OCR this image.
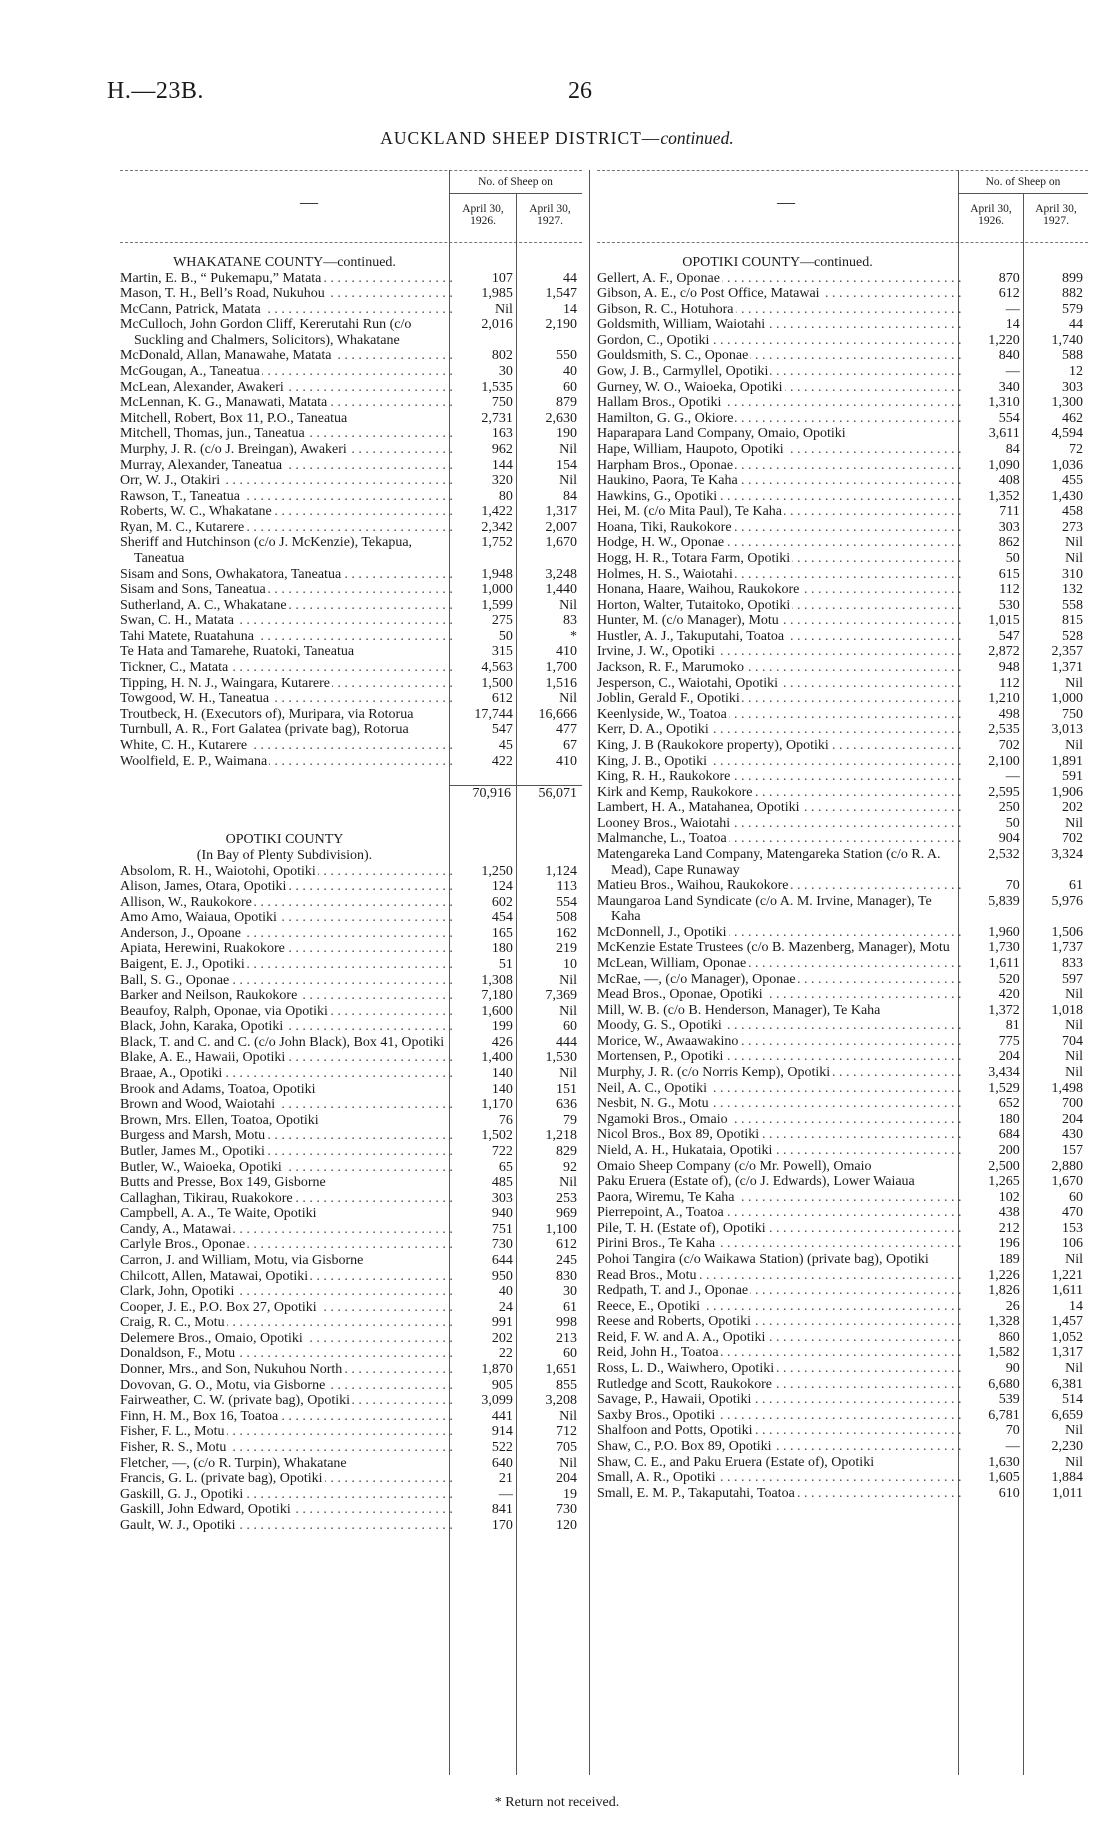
H.—23B.	26
AUCKLAND SHEEP DISTRICT—continued.
—	—
No. of Sheep on	No. of Sheep on
April 30, 1926.
April 30, 1927.
April 30, 1926.
April 30, 1927.
WHAKATANE COUNTY—continued.
Martin, E. B., “ Pukemapu,” Matata . . .	107	44
Mason, T. H., Bell’s Road, Nukuhou . . .	1,985	1,547
McCann, Patrick, Matata . . .	Nil	14
McCulloch, John Gordon Cliff, Kererutahi Run (c/o Suckling and Chalmers, Solicitors), Whakatane
2,016	2,190
McDonald, Allan, Manawahe, Matata . . .	802	550
McGougan, A., Taneatua . . .	30	40
McLean, Alexander, Awakeri . . .	1,535	60
McLennan, K. G., Manawati, Matata . . .	750	879
Mitchell, Robert, Box 11, P.O., Taneatua	2,731	2,630
Mitchell, Thomas, jun., Taneatua . . .	163	190
Murphy, J. R. (c/o J. Breingan), Awakeri . . .	962	Nil
Murray, Alexander, Taneatua . . .	144	154
Orr, W. J., Otakiri . . .	320	Nil
Rawson, T., Taneatua . . .	80	84
Roberts, W. C., Whakatane . . .	1,422	1,317
Ryan, M. C., Kutarere . . .	2,342	2,007
Sheriff and Hutchinson (c/o J. McKenzie), Tekapua, Taneatua
1,752	1,670
Sisam and Sons, Owhakatora, Taneatua . . .	1,948	3,248
Sisam and Sons, Taneatua . . .	1,000	1,440
Sutherland, A. C., Whakatane . . .	1,599	Nil
Swan, C. H., Matata . . .	275	83
Tahi Matete, Ruatahuna . . .	50	*
Te Hata and Tamarehe, Ruatoki, Taneatua	315	410
Tickner, C., Matata . . .	4,563	1,700
Tipping, H. N. J., Waingara, Kutarere . . .	1,500	1,516
Towgood, W. H., Taneatua . . .	612	Nil
Troutbeck, H. (Executors of), Muripara, via Rotorua	17,744	16,666
Turnbull, A. R., Fort Galatea (private bag), Rotorua	547	477
White, C. H., Kutarere . . .	45	67
Woolfield, E. P., Waimana . . .	422	410
70,916	56,071
OPOTIKI COUNTY
(In Bay of Plenty Subdivision).
Absolom, R. H., Waiotohi, Opotiki . . .	1,250	1,124
Alison, James, Otara, Opotiki . . .	124	113
Allison, W., Raukokore . . .	602	554
Amo Amo, Waiaua, Opotiki . . .	454	508
Anderson, J., Opoane . . .	165	162
Apiata, Herewini, Ruakokore . . .	180	219
Baigent, E. J., Opotiki . . .	51	10
Ball, S. G., Oponae . . .	1,308	Nil
Barker and Neilson, Raukokore . . .	7,180	7,369
Beaufoy, Ralph, Oponae, via Opotiki . . .	1,600	Nil
Black, John, Karaka, Opotiki . . .	199	60
Black, T. and C. and C. (c/o John Black), Box 41, Opotiki	426	444
Blake, A. E., Hawaii, Opotiki . . .	1,400	1,530
Braae, A., Opotiki . . .	140	Nil
Brook and Adams, Toatoa, Opotiki	140	151
Brown and Wood, Waiotahi . . .	1,170	636
Brown, Mrs. Ellen, Toatoa, Opotiki	76	79
Burgess and Marsh, Motu . . .	1,502	1,218
Butler, James M., Opotiki . . .	722	829
Butler, W., Waioeka, Opotiki . . .	65	92
Butts and Presse, Box 149, Gisborne	485	Nil
Callaghan, Tikirau, Ruakokore . . .	303	253
Campbell, A. A., Te Waite, Opotiki	940	969
Candy, A., Matawai . . .	751	1,100
Carlyle Bros., Oponae . . .	730	612
Carron, J. and William, Motu, via Gisborne	644	245
Chilcott, Allen, Matawai, Opotiki . . .	950	830
Clark, John, Opotiki . . .	40	30
Cooper, J. E., P.O. Box 27, Opotiki . . .	24	61
Craig, R. C., Motu . . .	991	998
Delemere Bros., Omaio, Opotiki . . .	202	213
Donaldson, F., Motu . . .	22	60
Donner, Mrs., and Son, Nukuhou North . . .	1,870	1,651
Dovovan, G. O., Motu, via Gisborne . . .	905	855
Fairweather, C. W. (private bag), Opotiki . . .	3,099	3,208
Finn, H. M., Box 16, Toatoa . . .	441	Nil
Fisher, F. L., Motu . . .	914	712
Fisher, R. S., Motu . . .	522	705
Fletcher, —, (c/o R. Turpin), Whakatane	640	Nil
Francis, G. L. (private bag), Opotiki . . .	21	204
Gaskill, G. J., Opotiki . . .	—	19
Gaskill, John Edward, Opotiki . . .	841	730
Gault, W. J., Opotiki . . .	170	120
OPOTIKI COUNTY—continued.
Gellert, A. F., Oponae . . .	870	899
Gibson, A. E., c/o Post Office, Matawai . . .	612	882
Gibson, R. C., Hotuhora . . .	—	579
Goldsmith, William, Waiotahi . . .	14	44
Gordon, C., Opotiki . . .	1,220	1,740
Gouldsmith, S. C., Oponae . . .	840	588
Gow, J. B., Carmyllel, Opotiki . . .	—	12
Gurney, W. O., Waioeka, Opotiki . . .	340	303
Hallam Bros., Opotiki . . .	1,310	1,300
Hamilton, G. G., Okiore . . .	554	462
Haparapara Land Company, Omaio, Opotiki	3,611	4,594
Hape, William, Haupoto, Opotiki . . .	84	72
Harpham Bros., Oponae . . .	1,090	1,036
Haukino, Paora, Te Kaha . . .	408	455
Hawkins, G., Opotiki . . .	1,352	1,430
Hei, M. (c/o Mita Paul), Te Kaha . . .	711	458
Hoana, Tiki, Raukokore . . .	303	273
Hodge, H. W., Oponae . . .	862	Nil
Hogg, H. R., Totara Farm, Opotiki . . .	50	Nil
Holmes, H. S., Waiotahi . . .	615	310
Honana, Haare, Waihou, Raukokore . . .	112	132
Horton, Walter, Tutaitoko, Opotiki . . .	530	558
Hunter, M. (c/o Manager), Motu . . .	1,015	815
Hustler, A. J., Takuputahi, Toatoa . . .	547	528
Irvine, J. W., Opotiki . . .	2,872	2,357
Jackson, R. F., Marumoko . . .	948	1,371
Jesperson, C., Waiotahi, Opotiki . . .	112	Nil
Joblin, Gerald F., Opotiki . . .	1,210	1,000
Keenlyside, W., Toatoa . . .	498	750
Kerr, D. A., Opotiki . . .	2,535	3,013
King, J. B (Raukokore property), Opotiki . . .	702	Nil
King, J. B., Opotiki . . .	2,100	1,891
King, R. H., Raukokore . . .	—	591
Kirk and Kemp, Raukokore . . .	2,595	1,906
Lambert, H. A., Matahanea, Opotiki . . .	250	202
Looney Bros., Waiotahi . . .	50	Nil
Malmanche, L., Toatoa . . .	904	702
Matengareka Land Company, Matengareka Station (c/o R. A. Mead), Cape Runaway
2,532	3,324
Matieu Bros., Waihou, Raukokore . . .	70	61
Maungaroa Land Syndicate (c/o A. M. Irvine, Manager), Te Kaha
5,839	5,976
McDonnell, J., Opotiki . . .	1,960	1,506
McKenzie Estate Trustees (c/o B. Mazenberg, Manager), Motu	1,730	1,737
McLean, William, Oponae . . .	1,611	833
McRae, —, (c/o Manager), Oponae . . .	520	597
Mead Bros., Oponae, Opotiki . . .	420	Nil
Mill, W. B. (c/o B. Henderson, Manager), Te Kaha	1,372	1,018
Moody, G. S., Opotiki . . .	81	Nil
Morice, W., Awaawakino . . .	775	704
Mortensen, P., Opotiki . . .	204	Nil
Murphy, J. R. (c/o Norris Kemp), Opotiki . . .	3,434	Nil
Neil, A. C., Opotiki . . .	1,529	1,498
Nesbit, N. G., Motu . . .	652	700
Ngamoki Bros., Omaio . . .	180	204
Nicol Bros., Box 89, Opotiki . . .	684	430
Nield, A. H., Hukataia, Opotiki . . .	200	157
Omaio Sheep Company (c/o Mr. Powell), Omaio	2,500	2,880
Paku Eruera (Estate of), (c/o J. Edwards), Lower Waiaua	1,265	1,670
Paora, Wiremu, Te Kaha . . .	102	60
Pierrepoint, A., Toatoa . . .	438	470
Pile, T. H. (Estate of), Opotiki . . .	212	153
Pirini Bros., Te Kaha . . .	196	106
Pohoi Tangira (c/o Waikawa Station) (private bag), Opotiki	189	Nil
Read Bros., Motu . . .	1,226	1,221
Redpath, T. and J., Oponae . . .	1,826	1,611
Reece, E., Opotiki . . .	26	14
Reese and Roberts, Opotiki . . .	1,328	1,457
Reid, F. W. and A. A., Opotiki . . .	860	1,052
Reid, John H., Toatoa . . .	1,582	1,317
Ross, L. D., Waiwhero, Opotiki . . .	90	Nil
Rutledge and Scott, Raukokore . . .	6,680	6,381
Savage, P., Hawaii, Opotiki . . .	539	514
Saxby Bros., Opotiki . . .	6,781	6,659
Shalfoon and Potts, Opotiki . . .	70	Nil
Shaw, C., P.O. Box 89, Opotiki . . .	—	2,230
Shaw, C. E., and Paku Eruera (Estate of), Opotiki	1,630	Nil
Small, A. R., Opotiki . . .	1,605	1,884
Small, E. M. P., Takaputahi, Toatoa . . .	610	1,011
* Return not received.
